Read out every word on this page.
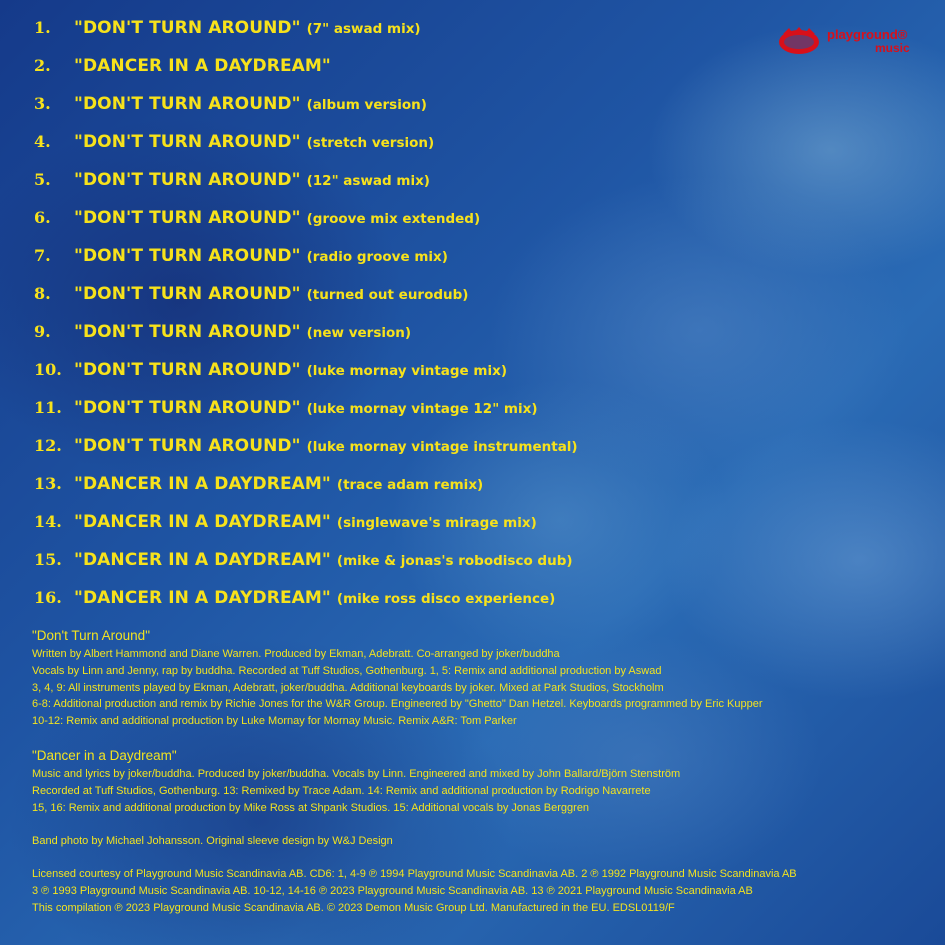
playground®
music
1. "DON'T TURN AROUND" (7" aswad mix)
2. "DANCER IN A DAYDREAM"
3. "DON'T TURN AROUND" (album version)
4. "DON'T TURN AROUND" (stretch version)
5. "DON'T TURN AROUND" (12" aswad mix)
6. "DON'T TURN AROUND" (groove mix extended)
7. "DON'T TURN AROUND" (radio groove mix)
8. "DON'T TURN AROUND" (turned out eurodub)
9. "DON'T TURN AROUND" (new version)
10. "DON'T TURN AROUND" (luke mornay vintage mix)
11. "DON'T TURN AROUND" (luke mornay vintage 12" mix)
12. "DON'T TURN AROUND" (luke mornay vintage instrumental)
13. "DANCER IN A DAYDREAM" (trace adam remix)
14. "DANCER IN A DAYDREAM" (singlewave's mirage mix)
15. "DANCER IN A DAYDREAM" (mike & jonas's robodisco dub)
16. "DANCER IN A DAYDREAM" (mike ross disco experience)
"Don't Turn Around"
Written by Albert Hammond and Diane Warren. Produced by Ekman, Adebratt. Co-arranged by joker/buddha
Vocals by Linn and Jenny, rap by buddha. Recorded at Tuff Studios, Gothenburg. 1, 5: Remix and additional production by Aswad
3, 4, 9: All instruments played by Ekman, Adebratt, joker/buddha. Additional keyboards by joker. Mixed at Park Studios, Stockholm
6-8: Additional production and remix by Richie Jones for the W&R Group. Engineered by "Ghetto" Dan Hetzel. Keyboards programmed by Eric Kupper
10-12: Remix and additional production by Luke Mornay for Mornay Music. Remix A&R: Tom Parker
"Dancer in a Daydream"
Music and lyrics by joker/buddha. Produced by joker/buddha. Vocals by Linn. Engineered and mixed by John Ballard/Björn Stenström
Recorded at Tuff Studios, Gothenburg. 13: Remixed by Trace Adam. 14: Remix and additional production by Rodrigo Navarrete
15, 16: Remix and additional production by Mike Ross at Shpank Studios. 15: Additional vocals by Jonas Berggren
Band photo by Michael Johansson. Original sleeve design by W&J Design
Licensed courtesy of Playground Music Scandinavia AB. CD6: 1, 4-9 ℗ 1994 Playground Music Scandinavia AB. 2 ℗ 1992 Playground Music Scandinavia AB
3 ℗ 1993 Playground Music Scandinavia AB. 10-12, 14-16 ℗ 2023 Playground Music Scandinavia AB. 13 ℗ 2021 Playground Music Scandinavia AB
This compilation ℗ 2023 Playground Music Scandinavia AB. © 2023 Demon Music Group Ltd. Manufactured in the EU. EDSL0119/F
